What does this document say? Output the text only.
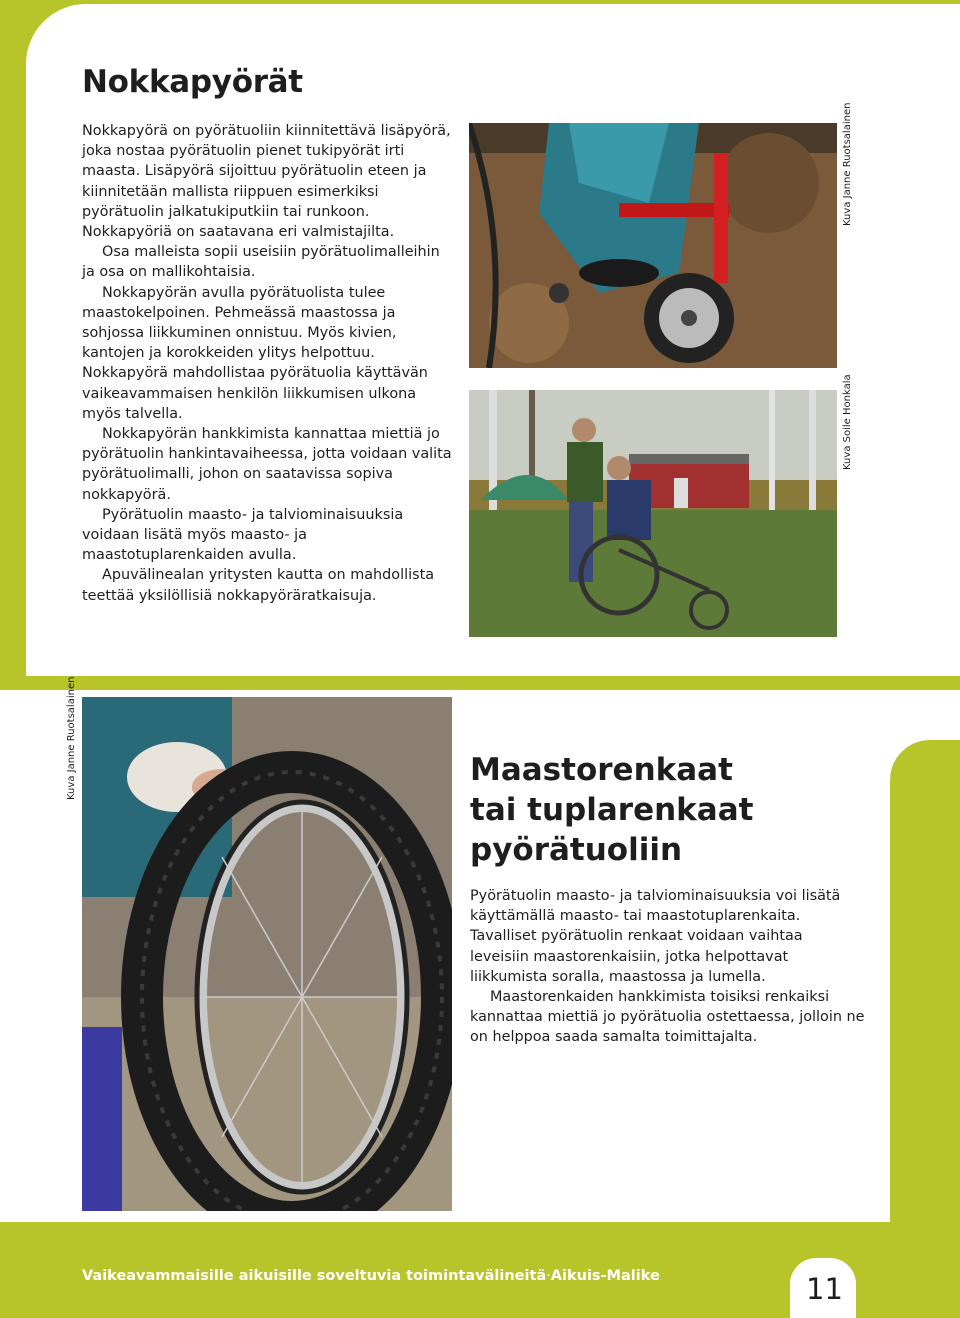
Nokkapyörät

Nokkapyörä on pyörätuoliin kiinnitettävä lisäpyörä, joka nostaa pyörätuolin pienet tukipyörät irti maasta. Lisäpyörä sijoittuu pyörätuolin eteen ja kiinnitetään mallista riippuen esimerkiksi pyörätuolin jalkatukiputkiin tai runkoon. Nokkapyöriä on saatavana eri valmistajilta.

Osa malleista sopii useisiin pyörätuolimalleihin ja osa on mallikohtaisia.

Nokkapyörän avulla pyörätuolista tulee maastokelpoinen. Pehmeässä maastossa ja sohjossa liikkuminen onnistuu. Myös kivien, kantojen ja korokkeiden ylitys helpottuu. Nokkapyörä mahdollistaa pyörätuolia käyttävän vaikeavammaisen henkilön liikkumisen ulkona myös talvella.

Nokkapyörän hankkimista kannattaa miettiä jo pyörätuolin hankintavaiheessa, jotta voidaan valita pyörätuolimalli, johon on saatavissa sopiva nokkapyörä.

Pyörätuolin maasto- ja talviominaisuuksia voidaan lisätä myös maasto- ja maastotuplarenkaiden avulla.

Apuvälinealan yritysten kautta on mahdollista teettää yksilöllisiä nokkapyöräratkaisuja.

Kuva Janne Ruotsalainen
Kuva Soile Honkala
Kuva Janne Ruotsalainen	Maastorenkaat
tai tuplarenkaat
pyörätuoliin

Pyörätuolin maasto- ja talviominaisuuksia voi lisätä käyttämällä maasto- tai maastotuplarenkaita. Tavalliset pyörätuolin renkaat voidaan vaihtaa leveisiin maastorenkaisiin, jotka helpottavat liikkumista soralla, maastossa ja lumella.

Maastorenkaiden hankkimista toisiksi renkaiksi kannattaa miettiä jo pyörätuolia ostettaessa, jolloin ne on helppoa saada samalta toimittajalta.

Vaikeavammaisille aikuisille soveltuvia toimintavälineitä·Aikuis-Malike	11
